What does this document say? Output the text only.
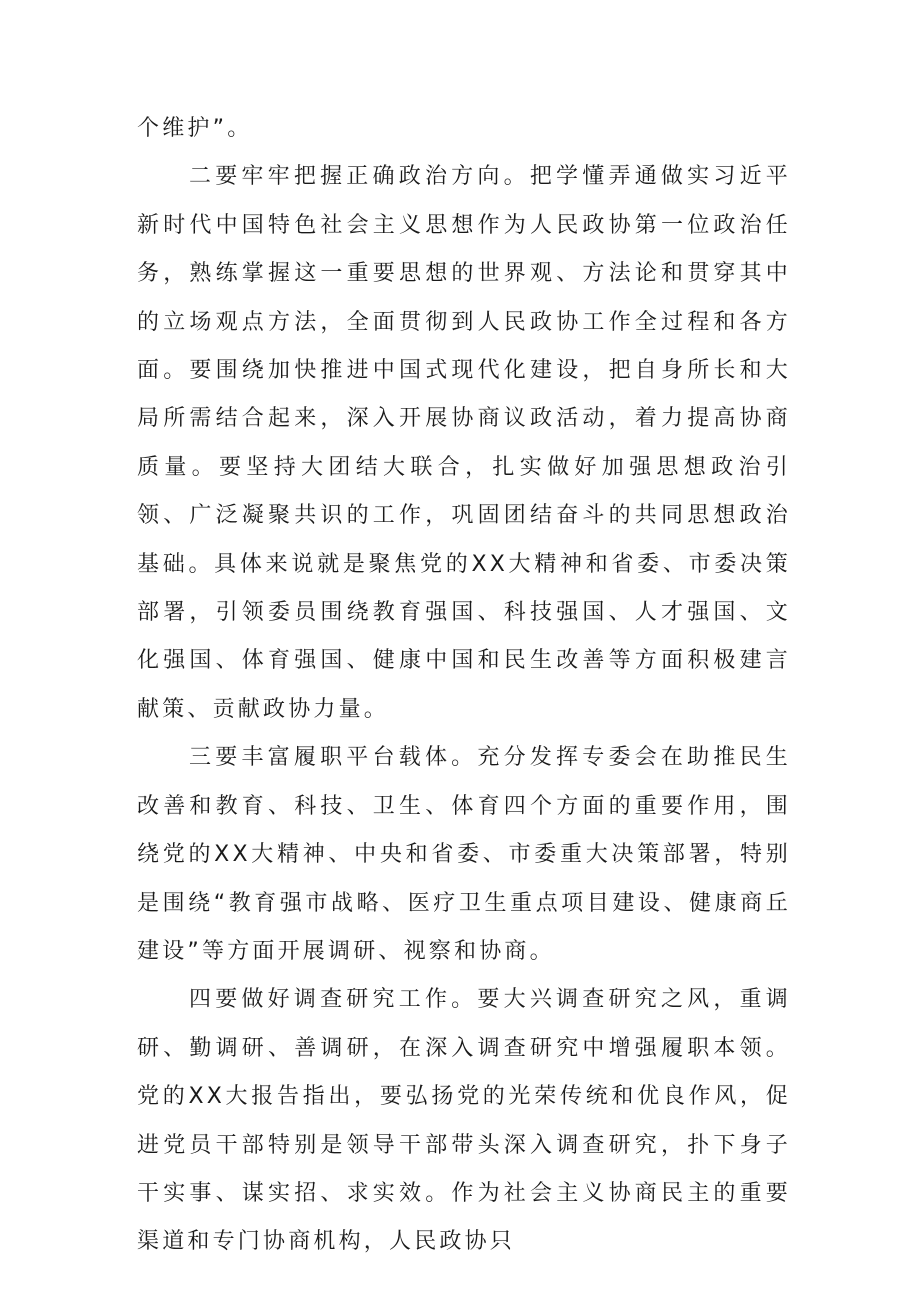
个维护”。

二要牢牢把握正确政治方向。把学懂弄通做实习近平新时代中国特色社会主义思想作为人民政协第一位政治任务，熟练掌握这一重要思想的世界观、方法论和贯穿其中的立场观点方法，全面贯彻到人民政协工作全过程和各方面。要围绕加快推进中国式现代化建设，把自身所长和大局所需结合起来，深入开展协商议政活动，着力提高协商质量。要坚持大团结大联合，扎实做好加强思想政治引领、广泛凝聚共识的工作，巩固团结奋斗的共同思想政治基础。具体来说就是聚焦党的XX大精神和省委、市委决策部署，引领委员围绕教育强国、科技强国、人才强国、文化强国、体育强国、健康中国和民生改善等方面积极建言献策、贡献政协力量。

三要丰富履职平台载体。充分发挥专委会在助推民生改善和教育、科技、卫生、体育四个方面的重要作用，围绕党的XX大精神、中央和省委、市委重大决策部署，特别是围绕“教育强市战略、医疗卫生重点项目建设、健康商丘建设”等方面开展调研、视察和协商。

四要做好调查研究工作。要大兴调查研究之风，重调研、勤调研、善调研，在深入调查研究中增强履职本领。党的XX大报告指出，要弘扬党的光荣传统和优良作风，促进党员干部特别是领导干部带头深入调查研究，扑下身子干实事、谋实招、求实效。作为社会主义协商民主的重要渠道和专门协商机构，人民政协只
